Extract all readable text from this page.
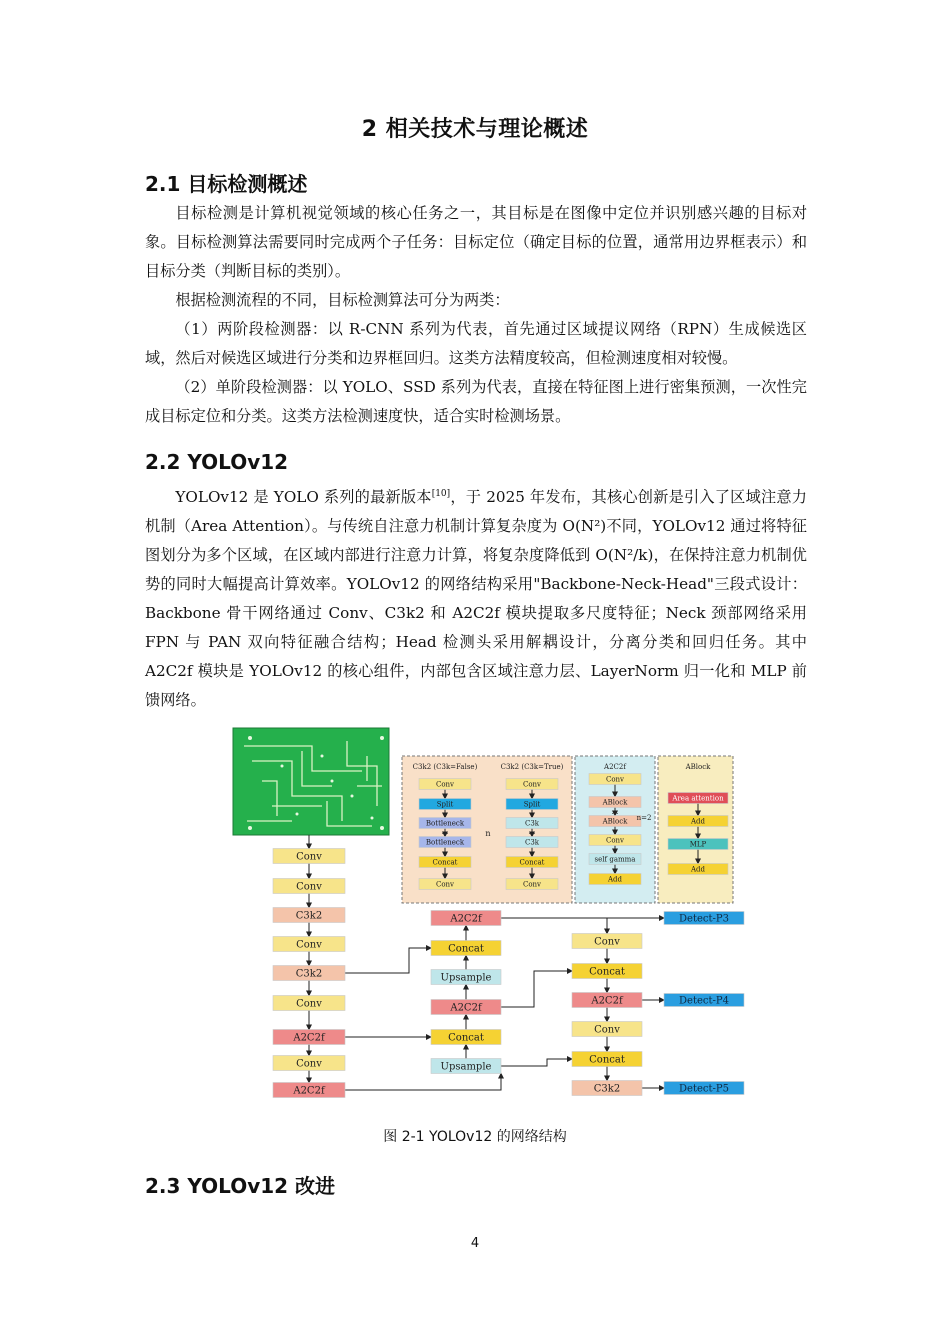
2 相关技术与理论概述
2.1 目标检测概述

目标检测是计算机视觉领域的核心任务之一，其目标是在图像中定位并识别感兴趣的目标对象。目标检测算法需要同时完成两个子任务：目标定位（确定目标的位置，通常用边界框表示）和目标分类（判断目标的类别）。

根据检测流程的不同，目标检测算法可分为两类：

（1）两阶段检测器：以 R-CNN 系列为代表，首先通过区域提议网络（RPN）生成候选区域，然后对候选区域进行分类和边界框回归。这类方法精度较高，但检测速度相对较慢。

（2）单阶段检测器：以 YOLO、SSD 系列为代表，直接在特征图上进行密集预测，一次性完成目标定位和分类。这类方法检测速度快，适合实时检测场景。

2.2 YOLOv12

YOLOv12 是 YOLO 系列的最新版本[10]，于 2025 年发布，其核心创新是引入了区域注意力机制（Area Attention）。与传统自注意力机制计算复杂度为 O(N²)不同，YOLOv12 通过将特征图划分为多个区域，在区域内部进行注意力计算，将复杂度降低到 O(N²/k)，在保持注意力机制优势的同时大幅提高计算效率。YOLOv12 的网络结构采用"Backbone-Neck-Head"三段式设计：Backbone 骨干网络通过 Conv、C3k2 和 A2C2f 模块提取多尺度特征；Neck 颈部网络采用 FPN 与 PAN 双向特征融合结构；Head 检测头采用解耦设计，分离分类和回归任务。其中 A2C2f 模块是 YOLOv12 的核心组件，内部包含区域注意力层、LayerNorm 归一化和 MLP 前馈网络。

Conv
Conv
C3k2
Conv
C3k2
Conv
A2C2f
Conv
A2C2f
A2C2f
Concat
Upsample
A2C2f
Concat
Upsample
Conv
Concat
A2C2f
Conv
Concat
C3k2
Detect-P3
Detect-P4
Detect-P5
C3k2 (C3k=False)
Conv
Split
Bottleneck
Bottleneck
Concat
Conv
...
C3k2 (C3k=True)
Conv
Split
C3k
C3k
Concat
Conv
...
n
A2C2f
Conv
ABlock
ABlock
Conv
self gamma
Add
...
n=2
ABlock
Area attention
Add
MLP
Add
图 2-1 YOLOv12 的网络结构
2.3 YOLOv12 改进
4
